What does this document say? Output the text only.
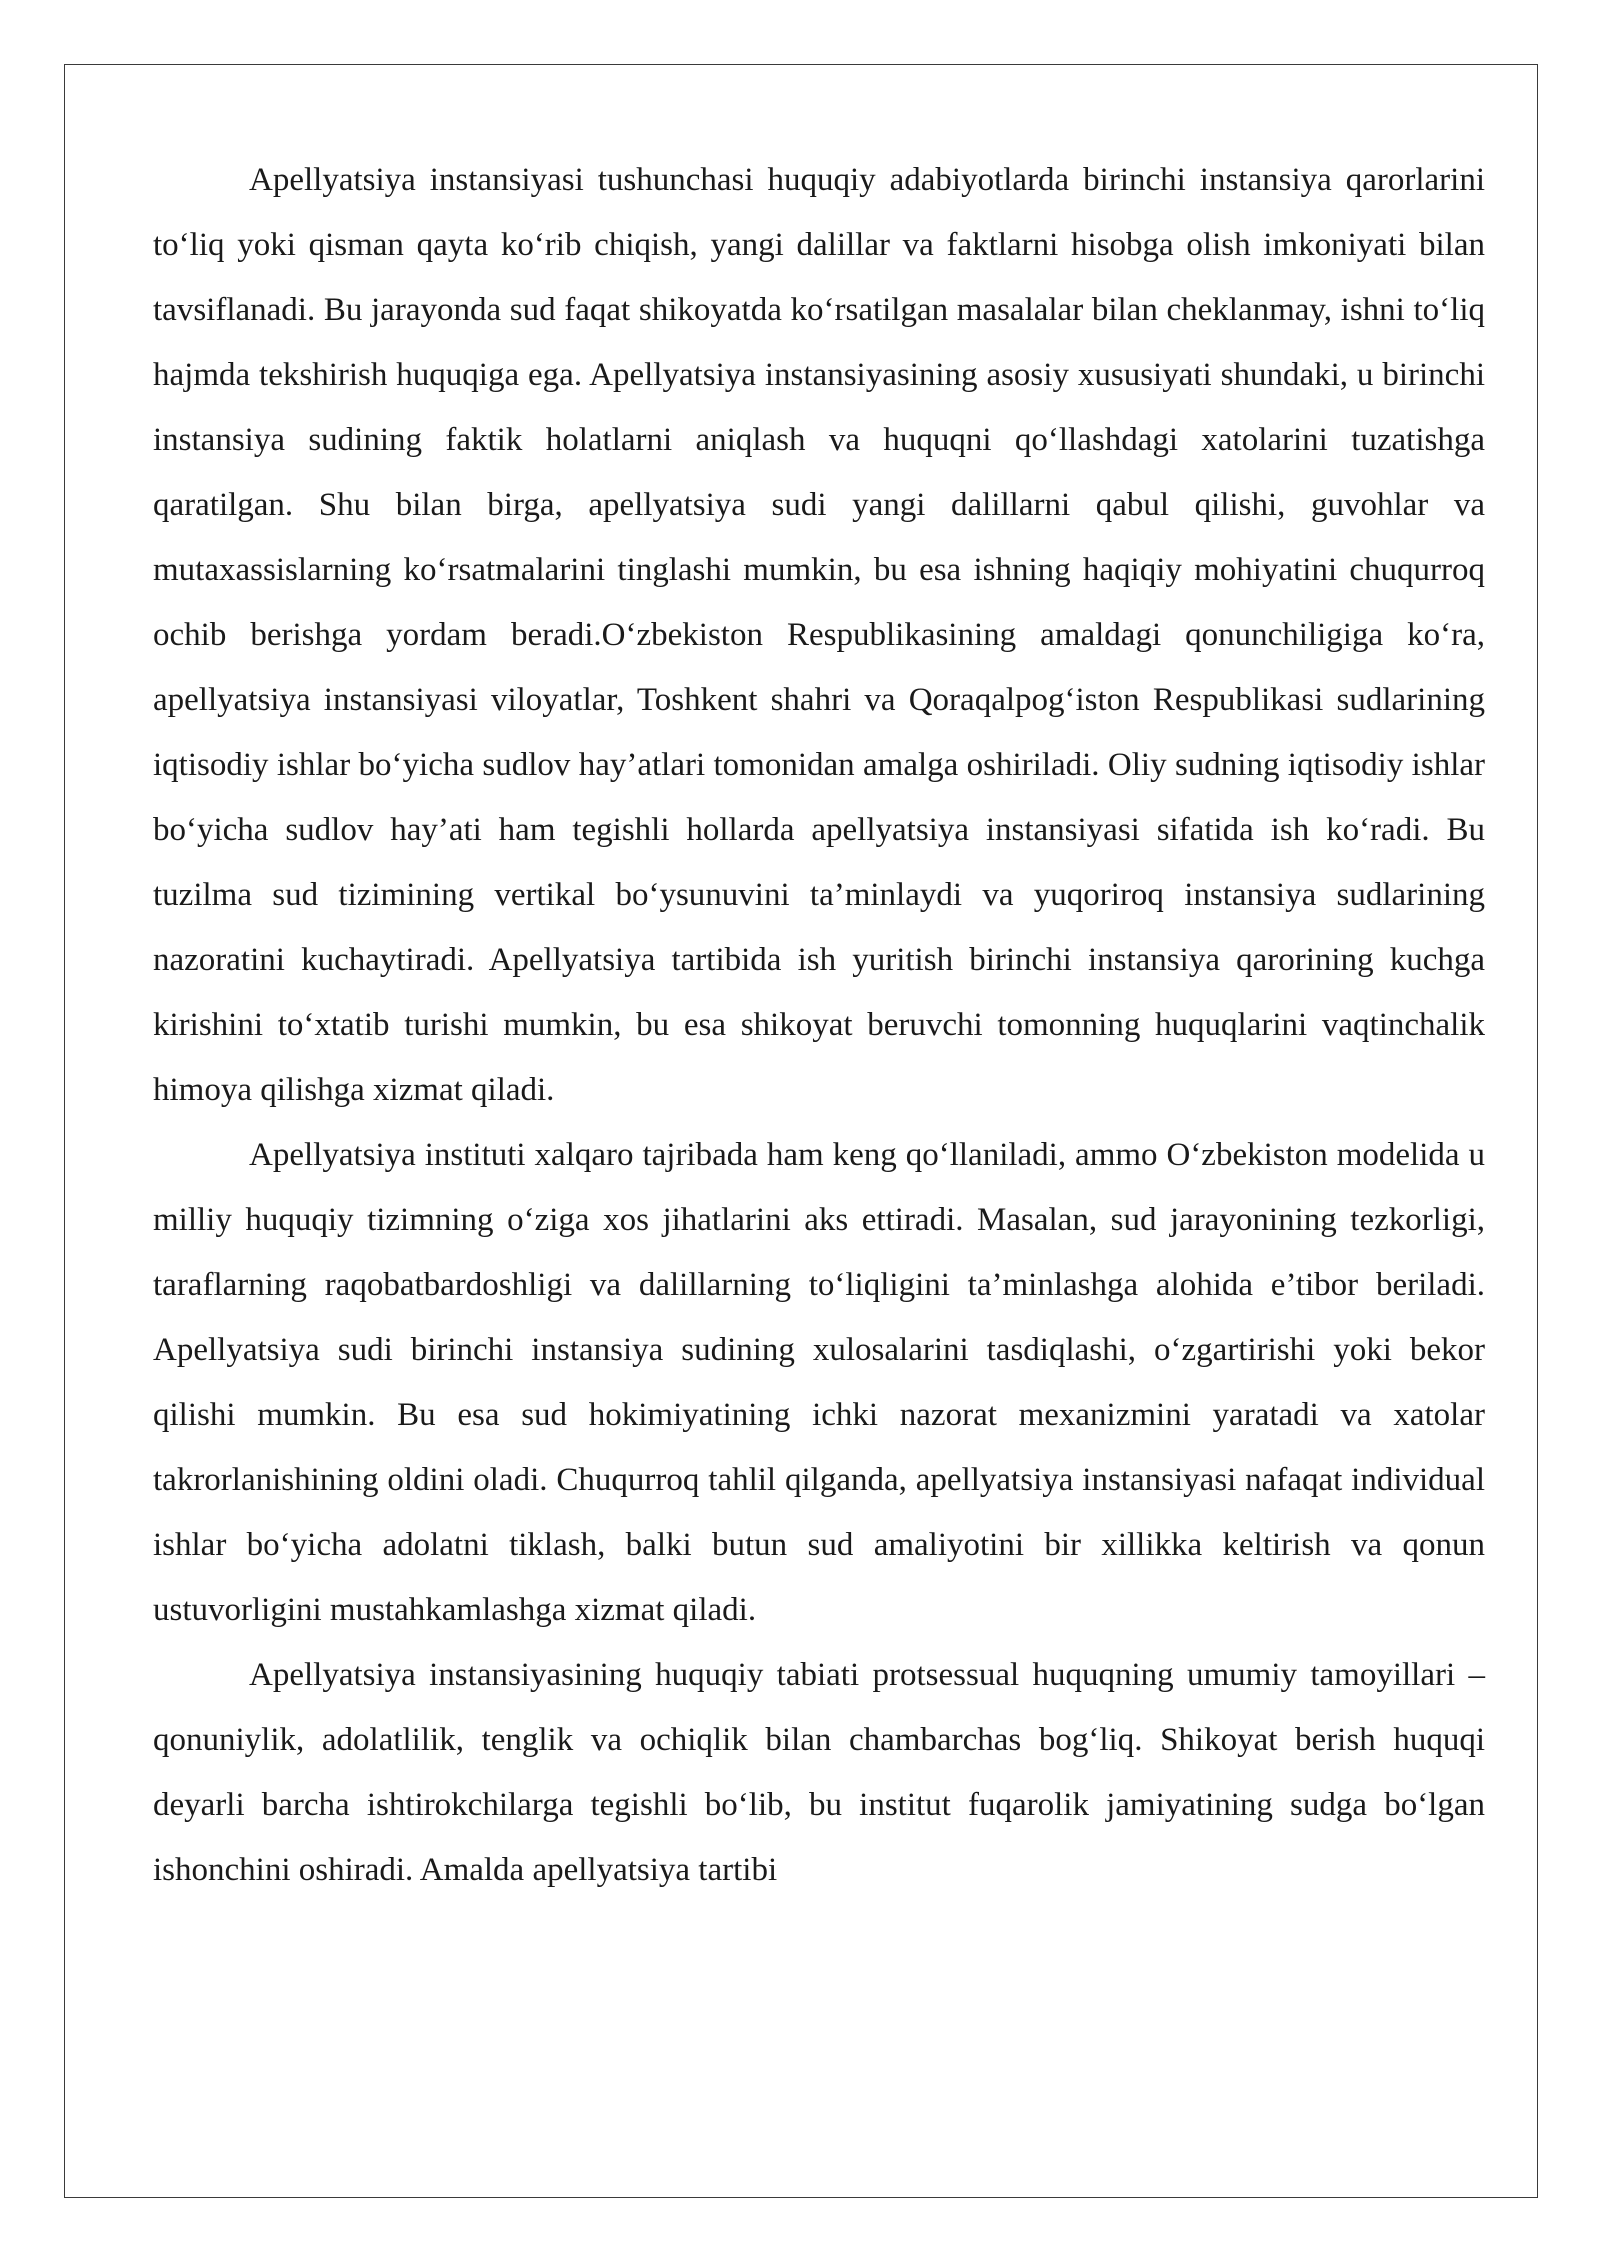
Apellyatsiya instansiyasi tushunchasi huquqiy adabiyotlarda birinchi instansiya qarorlarini to‘liq yoki qisman qayta ko‘rib chiqish, yangi dalillar va faktlarni hisobga olish imkoniyati bilan tavsiflanadi. Bu jarayonda sud faqat shikoyatda ko‘rsatilgan masalalar bilan cheklanmay, ishni to‘liq hajmda tekshirish huquqiga ega. Apellyatsiya instansiyasining asosiy xususiyati shundaki, u birinchi instansiya sudining faktik holatlarni aniqlash va huquqni qo‘llashdagi xatolarini tuzatishga qaratilgan. Shu bilan birga, apellyatsiya sudi yangi dalillarni qabul qilishi, guvohlar va mutaxassislarning ko‘rsatmalarini tinglashi mumkin, bu esa ishning haqiqiy mohiyatini chuqurroq ochib berishga yordam beradi.O‘zbekiston Respublikasining amaldagi qonunchiligiga ko‘ra, apellyatsiya instansiyasi viloyatlar, Toshkent shahri va Qoraqalpog‘iston Respublikasi sudlarining iqtisodiy ishlar bo‘yicha sudlov hay’atlari tomonidan amalga oshiriladi. Oliy sudning iqtisodiy ishlar bo‘yicha sudlov hay’ati ham tegishli hollarda apellyatsiya instansiyasi sifatida ish ko‘radi. Bu tuzilma sud tizimining vertikal bo‘ysunuvini ta’minlaydi va yuqoriroq instansiya sudlarining nazoratini kuchaytiradi. Apellyatsiya tartibida ish yuritish birinchi instansiya qarorining kuchga kirishini to‘xtatib turishi mumkin, bu esa shikoyat beruvchi tomonning huquqlarini vaqtinchalik himoya qilishga xizmat qiladi.

Apellyatsiya instituti xalqaro tajribada ham keng qo‘llaniladi, ammo O‘zbekiston modelida u milliy huquqiy tizimning o‘ziga xos jihatlarini aks ettiradi. Masalan, sud jarayonining tezkorligi, taraflarning raqobatbardoshligi va dalillarning to‘liqligini ta’minlashga alohida e’tibor beriladi. Apellyatsiya sudi birinchi instansiya sudining xulosalarini tasdiqlashi, o‘zgartirishi yoki bekor qilishi mumkin. Bu esa sud hokimiyatining ichki nazorat mexanizmini yaratadi va xatolar takrorlanishining oldini oladi. Chuqurroq tahlil qilganda, apellyatsiya instansiyasi nafaqat individual ishlar bo‘yicha adolatni tiklash, balki butun sud amaliyotini bir xillikka keltirish va qonun ustuvorligini mustahkamlashga xizmat qiladi.

Apellyatsiya instansiyasining huquqiy tabiati protsessual huquqning umumiy tamoyillari – qonuniylik, adolatlilik, tenglik va ochiqlik bilan chambarchas bog‘liq. Shikoyat berish huquqi deyarli barcha ishtirokchilarga tegishli bo‘lib, bu institut fuqarolik jamiyatining sudga bo‘lgan ishonchini oshiradi. Amalda apellyatsiya tartibi
